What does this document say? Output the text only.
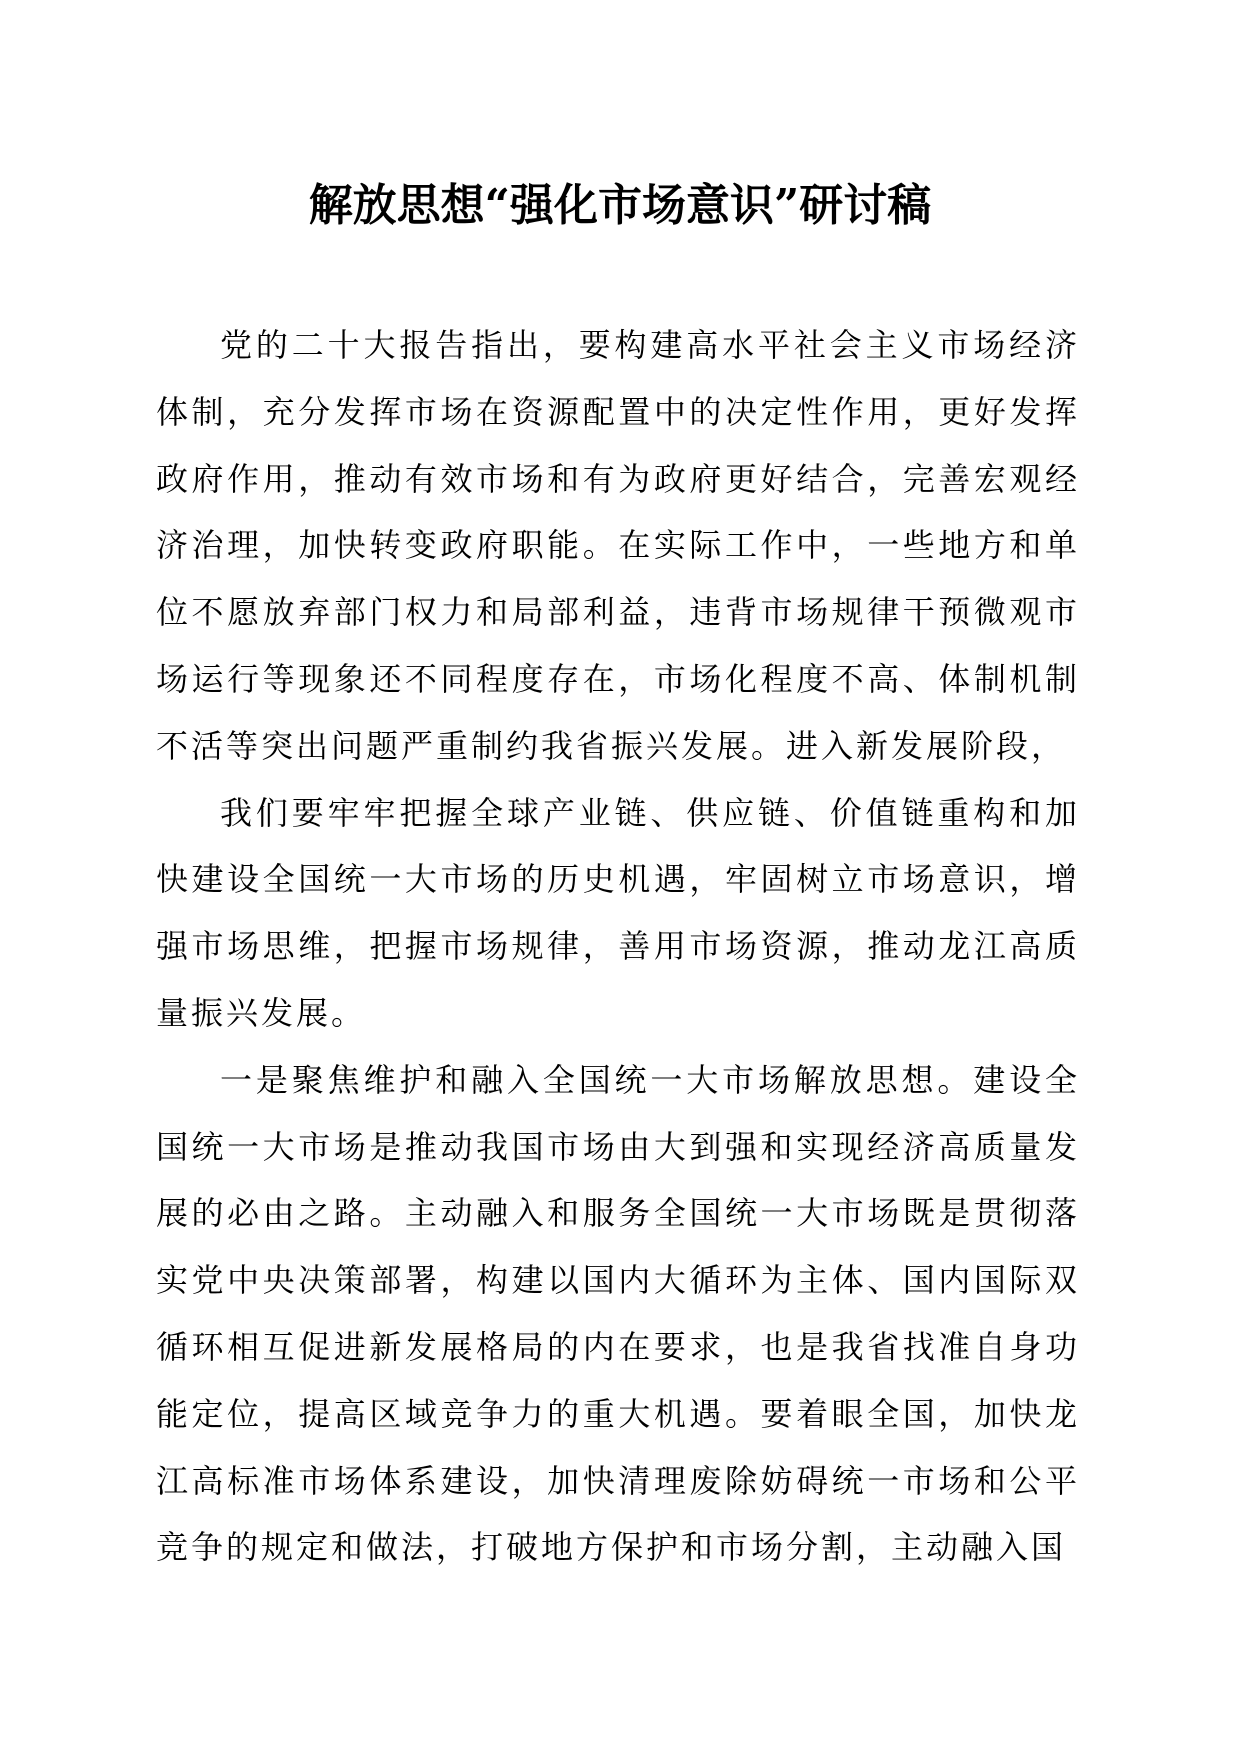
解放思想“强化市场意识”研讨稿

党的二十大报告指出，要构建高水平社会主义市场经济体制，充分发挥市场在资源配置中的决定性作用，更好发挥政府作用，推动有效市场和有为政府更好结合，完善宏观经济治理，加快转变政府职能。在实际工作中，一些地方和单位不愿放弃部门权力和局部利益，违背市场规律干预微观市场运行等现象还不同程度存在，市场化程度不高、体制机制不活等突出问题严重制约我省振兴发展。进入新发展阶段，

我们要牢牢把握全球产业链、供应链、价值链重构和加快建设全国统一大市场的历史机遇，牢固树立市场意识，增强市场思维，把握市场规律，善用市场资源，推动龙江高质量振兴发展。

一是聚焦维护和融入全国统一大市场解放思想。建设全国统一大市场是推动我国市场由大到强和实现经济高质量发展的必由之路。主动融入和服务全国统一大市场既是贯彻落实党中央决策部署，构建以国内大循环为主体、国内国际双循环相互促进新发展格局的内在要求，也是我省找准自身功能定位，提高区域竞争力的重大机遇。要着眼全国，加快龙江高标准市场体系建设，加快清理废除妨碍统一市场和公平竞争的规定和做法，打破地方保护和市场分割，主动融入国
